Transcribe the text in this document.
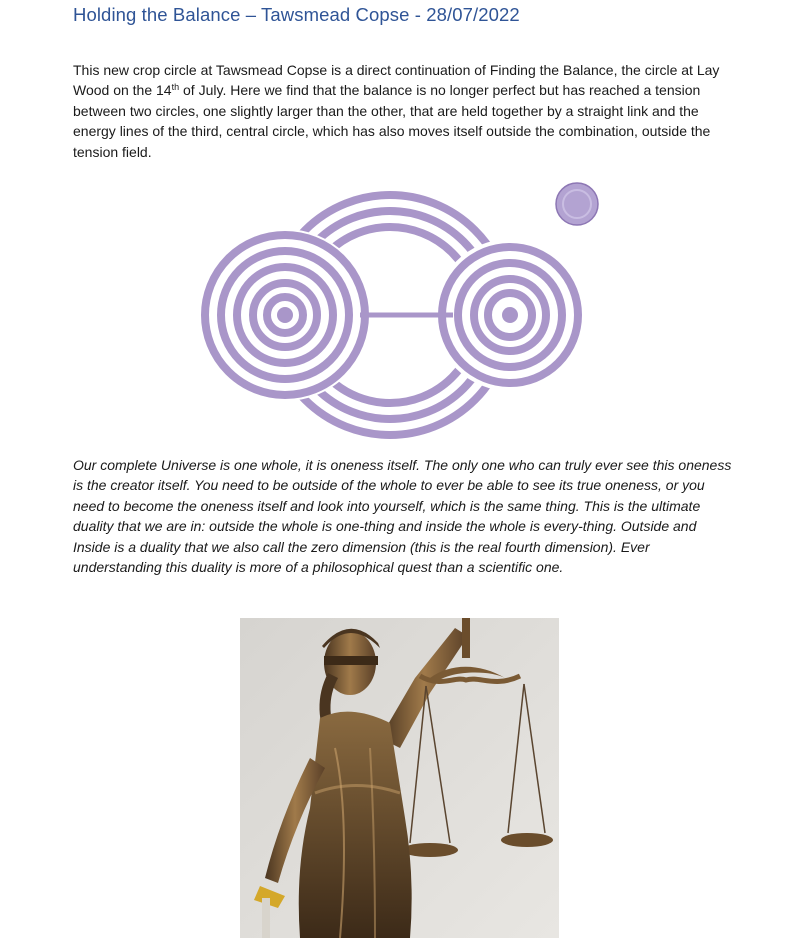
Holding the Balance – Tawsmead Copse - 28/07/2022

This new crop circle at Tawsmead Copse is a direct continuation of Finding the Balance, the circle at Lay Wood on the 14th of July. Here we find that the balance is no longer perfect but has reached a tension between two circles, one slightly larger than the other, that are held together by a straight link and the energy lines of the third, central circle, which has also moves itself outside the combination, outside the tension field.

Our complete Universe is one whole, it is oneness itself. The only one who can truly ever see this oneness is the creator itself. You need to be outside of the whole to ever be able to see its true oneness, or you need to become the oneness itself and look into yourself, which is the same thing. This is the ultimate duality that we are in: outside the whole is one-thing and inside the whole is every-thing. Outside and Inside is a duality that we also call the zero dimension (this is the real fourth dimension). Ever understanding this duality is more of a philosophical quest than a scientific one.
